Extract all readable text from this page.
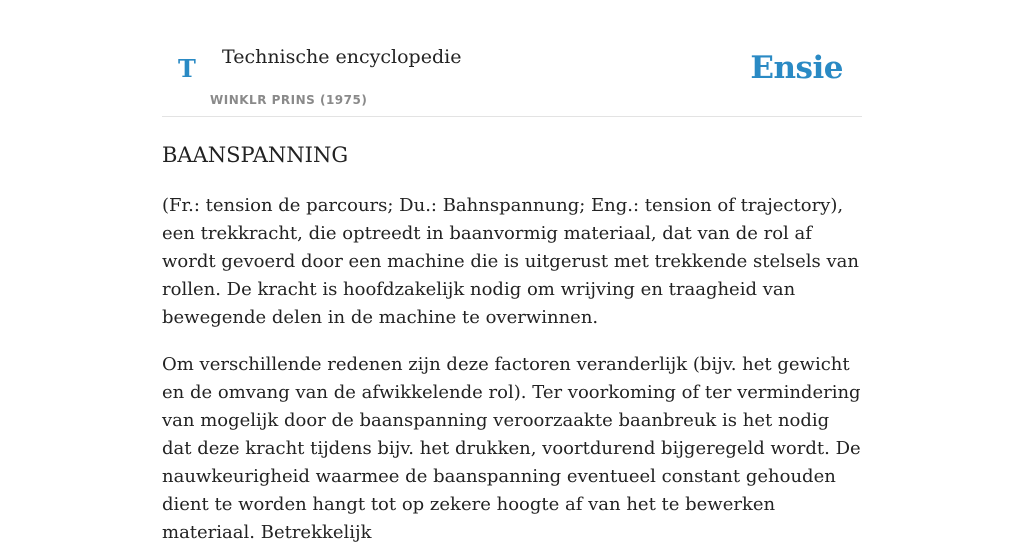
T Technische encyclopedie
WINKLR PRINS (1975)
Ensie
BAANSPANNING

(Fr.: tension de parcours; Du.: Bahnspannung; Eng.: tension of trajectory), een trekkracht, die optreedt in baanvormig materiaal, dat van de rol af wordt gevoerd door een machine die is uitgerust met trekkende stelsels van rollen. De kracht is hoofdzakelijk nodig om wrijving en traagheid van bewegende delen in de machine te overwinnen.

Om verschillende redenen zijn deze factoren veranderlijk (bijv. het gewicht en de omvang van de afwikkelende rol). Ter voorkoming of ter vermindering van mogelijk door de baanspanning veroorzaakte baanbreuk is het nodig dat deze kracht tijdens bijv. het drukken, voortdurend bijgeregeld wordt. De nauwkeurigheid waarmee de baanspanning eventueel constant gehouden dient te worden hangt tot op zekere hoogte af van het te bewerken materiaal. Betrekkelijk
